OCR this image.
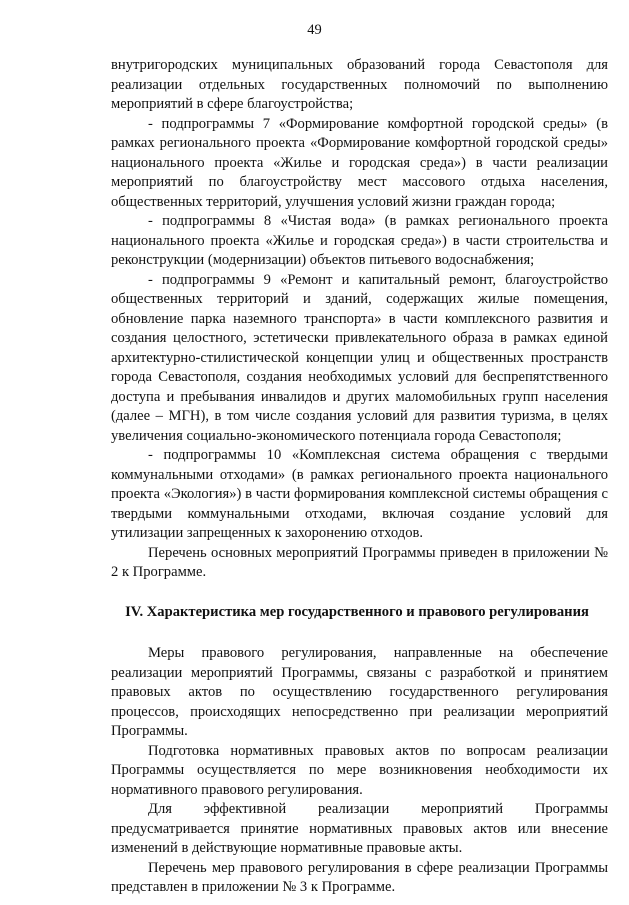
49

внутригородских муниципальных образований города Севастополя для реализации отдельных государственных полномочий по выполнению мероприятий в сфере благоустройства;

- подпрограммы 7 «Формирование комфортной городской среды» (в рамках регионального проекта «Формирование комфортной городской среды» национального проекта «Жилье и городская среда») в части реализации мероприятий по благоустройству мест массового отдыха населения, общественных территорий, улучшения условий жизни граждан города;

- подпрограммы 8 «Чистая вода» (в рамках регионального проекта национального проекта «Жилье и городская среда») в части строительства и реконструкции (модернизации) объектов питьевого водоснабжения;

- подпрограммы 9 «Ремонт и капитальный ремонт, благоустройство общественных территорий и зданий, содержащих жилые помещения, обновление парка наземного транспорта» в части комплексного развития и создания целостного, эстетически привлекательного образа в рамках единой архитектурно-стилистической концепции улиц и общественных пространств города Севастополя, создания необходимых условий для беспрепятственного доступа и пребывания инвалидов и других маломобильных групп населения (далее – МГН), в том числе создания условий для развития туризма, в целях увеличения социально-экономического потенциала города Севастополя;

- подпрограммы 10 «Комплексная система обращения с твердыми коммунальными отходами» (в рамках регионального проекта национального проекта «Экология») в части формирования комплексной системы обращения с твердыми коммунальными отходами, включая создание условий для утилизации запрещенных к захоронению отходов.

Перечень основных мероприятий Программы приведен в приложении № 2 к Программе.

IV. Характеристика мер государственного и правового регулирования

Меры правового регулирования, направленные на обеспечение реализации мероприятий Программы, связаны с разработкой и принятием правовых актов по осуществлению государственного регулирования процессов, происходящих непосредственно при реализации мероприятий Программы.

Подготовка нормативных правовых актов по вопросам реализации Программы осуществляется по мере возникновения необходимости их нормативного правового регулирования.

Для эффективной реализации мероприятий Программы предусматривается принятие нормативных правовых актов или внесение изменений в действующие нормативные правовые акты.

Перечень мер правового регулирования в сфере реализации Программы представлен в приложении № 3 к Программе.
